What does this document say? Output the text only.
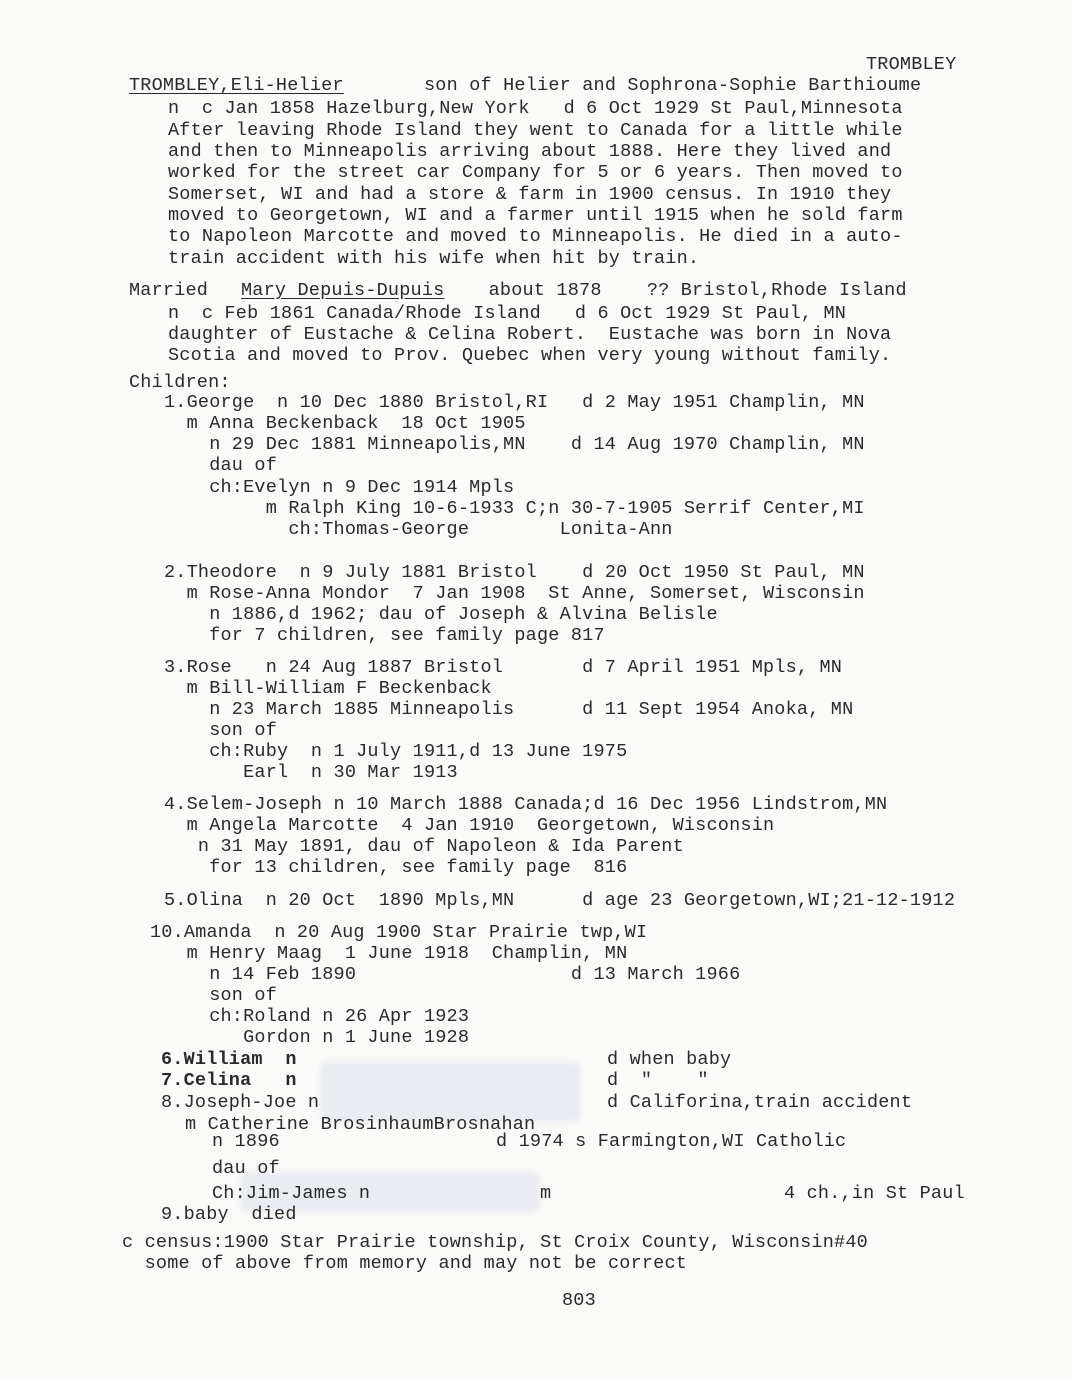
TROMBLEY
TROMBLEY,Eli-Helier	son of Helier and Sophrona-Sophie Barthioume
n  c Jan 1858 Hazelburg,New York   d 6 Oct 1929 St Paul,Minnesota
After leaving Rhode Island they went to Canada for a little while
and then to Minneapolis arriving about 1888. Here they lived and
worked for the street car Company for 5 or 6 years. Then moved to
Somerset, WI and had a store & farm in 1900 census. In 1910 they
moved to Georgetown, WI and a farmer until 1915 when he sold farm
to Napoleon Marcotte and moved to Minneapolis. He died in a auto-
train accident with his wife when hit by train.
Married Mary Depuis-Dupuis about 1878    ?? Bristol,Rhode Island
n  c Feb 1861 Canada/Rhode Island   d 6 Oct 1929 St Paul, MN
daughter of Eustache & Celina Robert.  Eustache was born in Nova
Scotia and moved to Prov. Quebec when very young without family.
Children:
1.George  n 10 Dec 1880 Bristol,RI   d 2 May 1951 Champlin, MN
m Anna Beckenback  18 Oct 1905
n 29 Dec 1881 Minneapolis,MN    d 14 Aug 1970 Champlin, MN
dau of
ch:Evelyn n 9 Dec 1914 Mpls
m Ralph King 10-6-1933 C;n 30-7-1905 Serrif Center,MI
ch:Thomas-George        Lonita-Ann
2.Theodore  n 9 July 1881 Bristol    d 20 Oct 1950 St Paul, MN
m Rose-Anna Mondor  7 Jan 1908  St Anne, Somerset, Wisconsin
n 1886,d 1962; dau of Joseph & Alvina Belisle
for 7 children, see family page 817
3.Rose   n 24 Aug 1887 Bristol       d 7 April 1951 Mpls, MN
m Bill-William F Beckenback
n 23 March 1885 Minneapolis      d 11 Sept 1954 Anoka, MN
son of
ch:Ruby  n 1 July 1911,d 13 June 1975
Earl  n 30 Mar 1913
4.Selem-Joseph n 10 March 1888 Canada;d 16 Dec 1956 Lindstrom,MN
m Angela Marcotte  4 Jan 1910  Georgetown, Wisconsin
n 31 May 1891, dau of Napoleon & Ida Parent
for 13 children, see family page  816
5.Olina  n 20 Oct  1890 Mpls,MN      d age 23 Georgetown,WI;21-12-1912
10.Amanda  n 20 Aug 1900 Star Prairie twp,WI
m Henry Maag  1 June 1918  Champlin, MN
n 14 Feb 1890                   d 13 March 1966
son of
ch:Roland n 26 Apr 1923
Gordon n 1 June 1928
6.William  n	d when baby
7.Celina   n	d  "    "
8.Joseph-Joe n	d Califorina,train accident
m Catherine BrosinhaumBrosnahan
n 1896	d 1974 s Farmington,WI Catholic
dau of
Ch:Jim-James n	m	4 ch.,in St Paul
9.baby  died
c census:1900 Star Prairie township, St Croix County, Wisconsin#40
some of above from memory and may not be correct
803
